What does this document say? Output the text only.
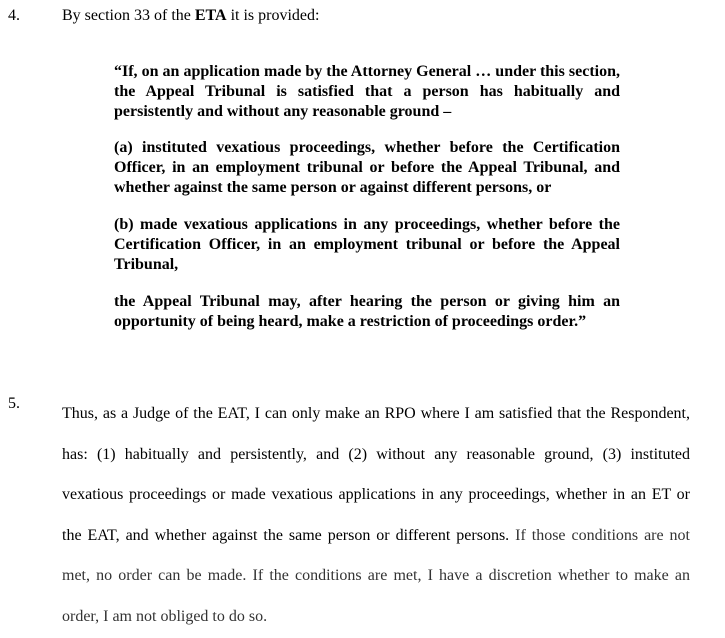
4.	By section 33 of the ETA it is provided:

“If, on an application made by the Attorney General … under this section, the Appeal Tribunal is satisfied that a person has habitually and persistently and without any reasonable ground –

(a) instituted vexatious proceedings, whether before the Certification Officer, in an employment tribunal or before the Appeal Tribunal, and whether against the same person or against different persons, or

(b) made vexatious applications in any proceedings, whether before the Certification Officer, in an employment tribunal or before the Appeal Tribunal,

the Appeal Tribunal may, after hearing the person or giving him an opportunity of being heard, make a restriction of proceedings order.”

5.
Thus, as a Judge of the EAT, I can only make an RPO where I am satisfied that the Respondent, has: (1) habitually and persistently, and (2) without any reasonable ground, (3) instituted vexatious proceedings or made vexatious applications in any proceedings, whether in an ET or the EAT, and whether against the same person or different persons. If those conditions are not met, no order can be made. If the conditions are met, I have a discretion whether to make an order, I am not obliged to do so.
